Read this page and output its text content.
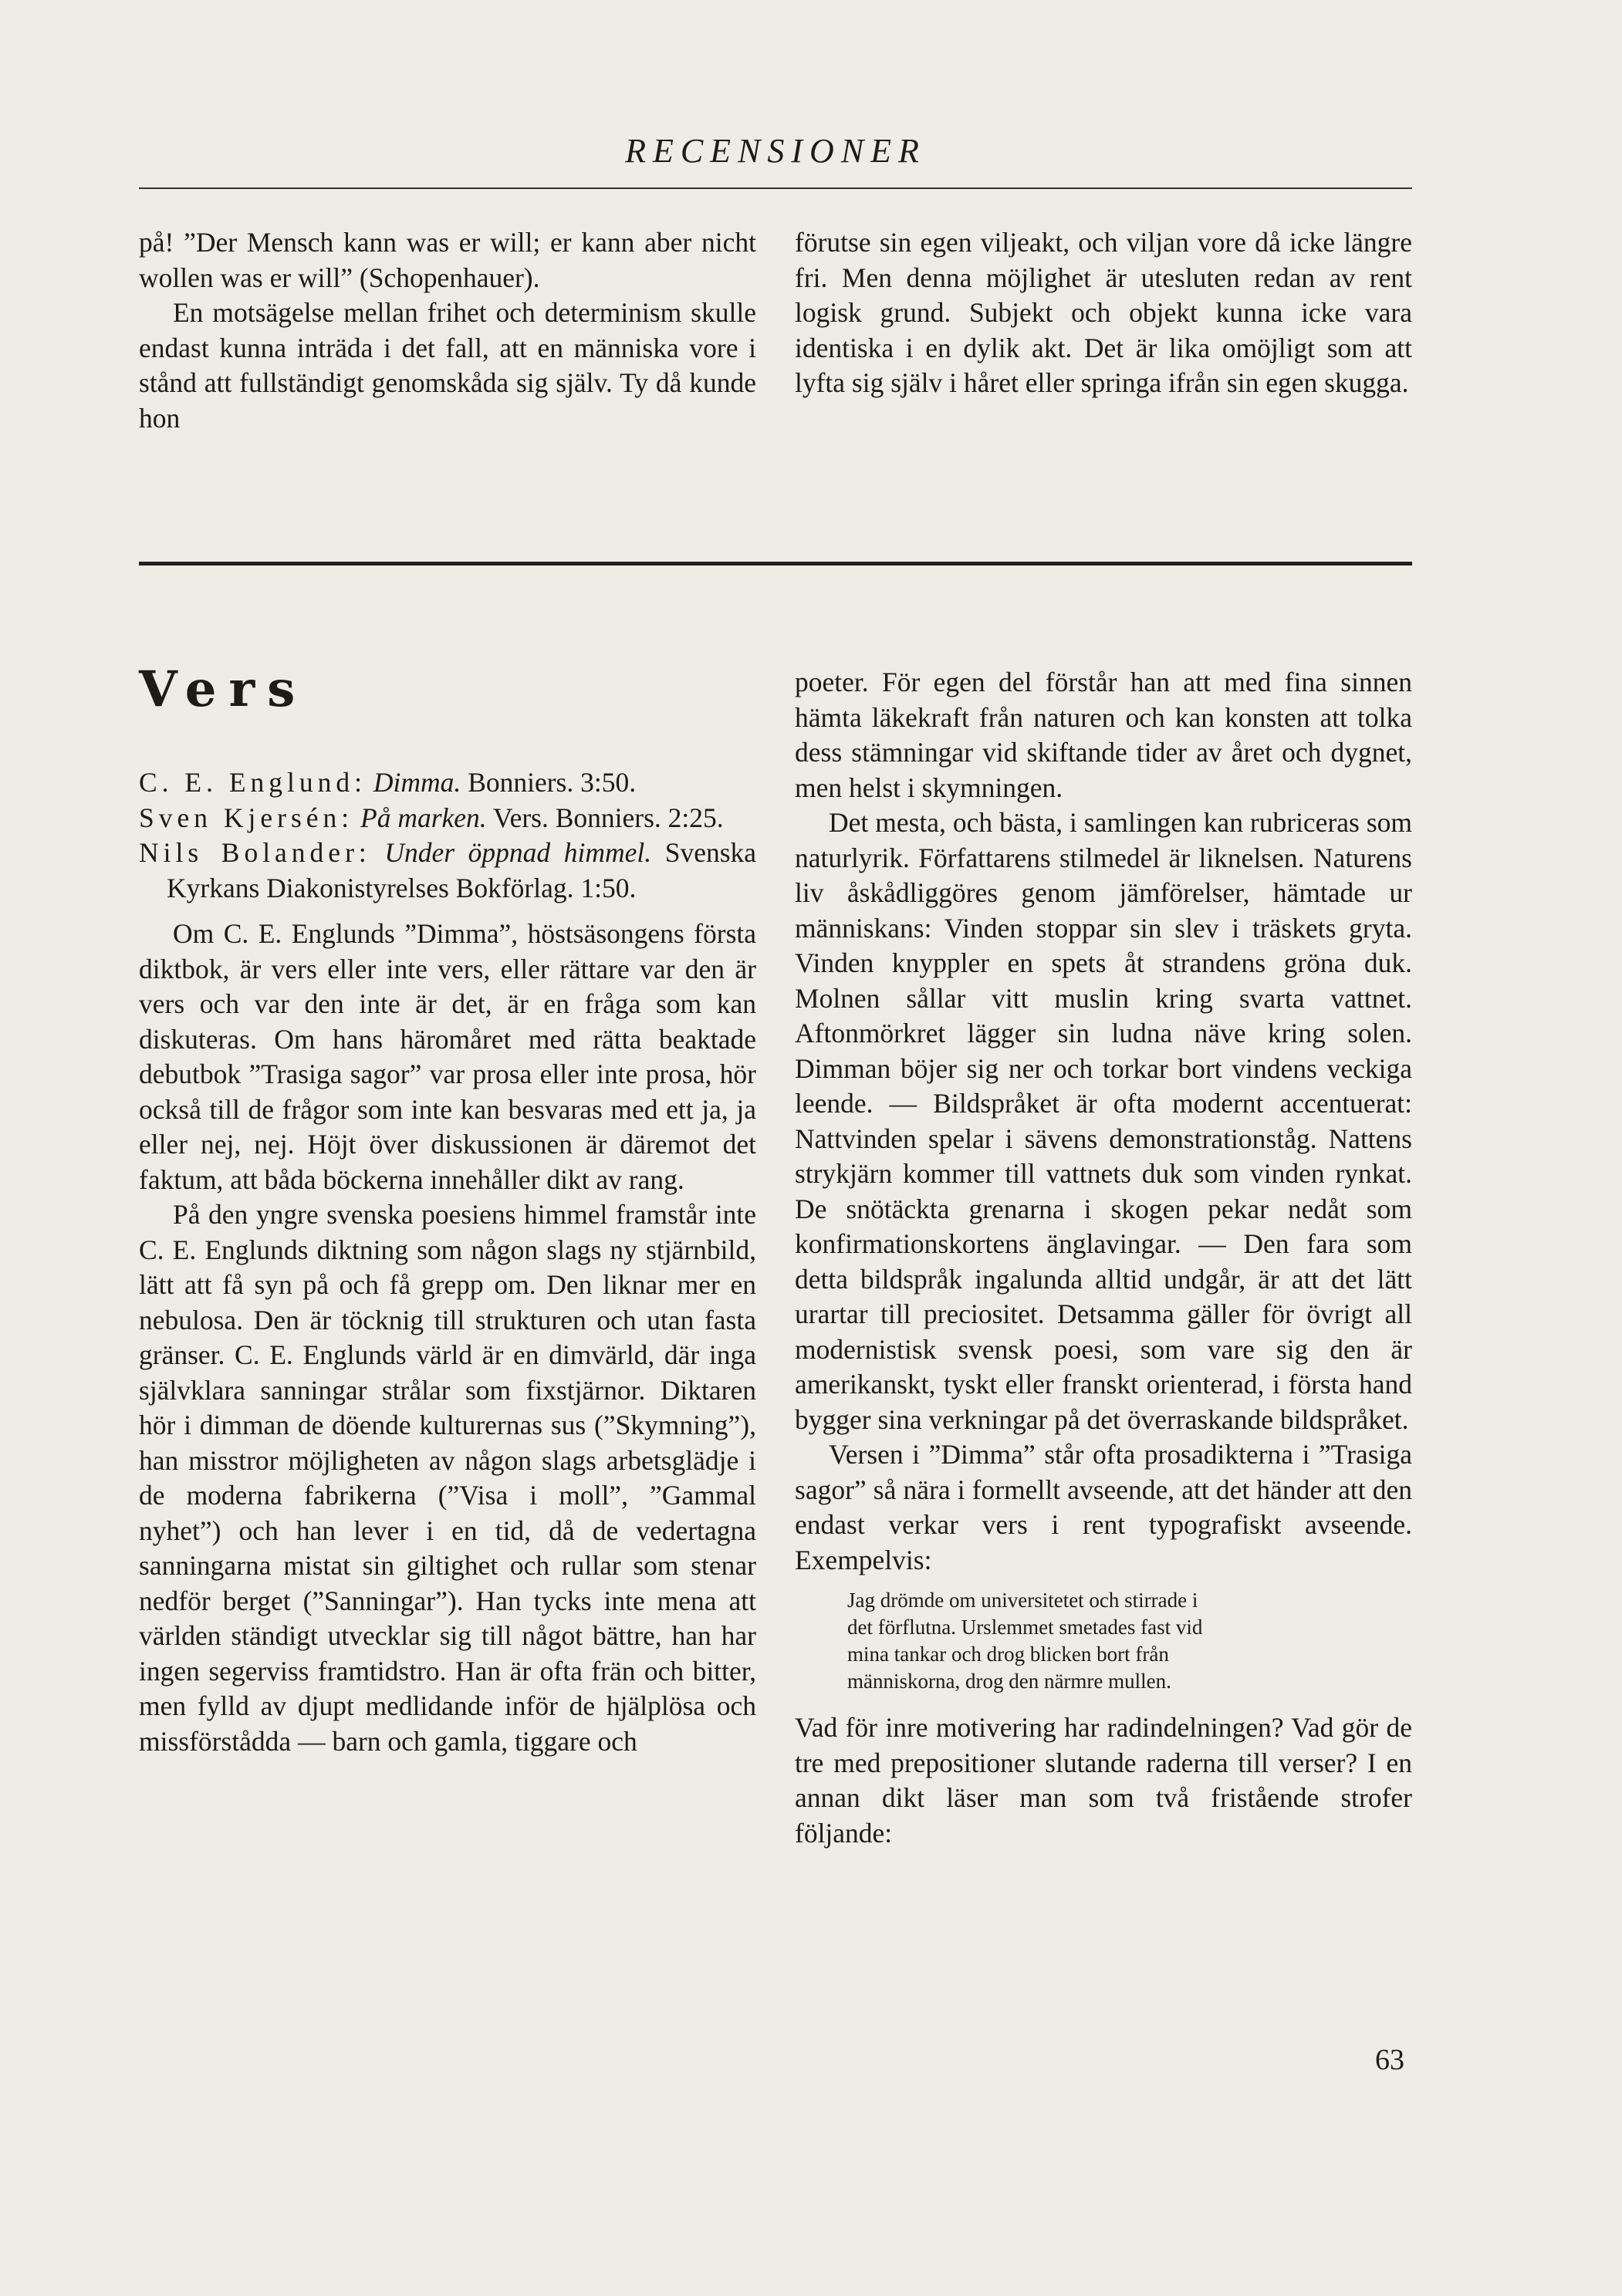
RECENSIONER

på! ”Der Mensch kann was er will; er kann aber nicht wollen was er will” (Schopenhauer).

En motsägelse mellan frihet och determinism skulle endast kunna inträda i det fall, att en människa vore i stånd att fullständigt genomskåda sig själv. Ty då kunde hon

förutse sin egen viljeakt, och viljan vore då icke längre fri. Men denna möjlighet är utesluten redan av rent logisk grund. Subjekt och objekt kunna icke vara identiska i en dylik akt. Det är lika omöjligt som att lyfta sig själv i håret eller springa ifrån sin egen skugga.

Vers

C. E. Englund: Dimma. Bonniers. 3:50.

Sven Kjersén: På marken. Vers. Bonniers. 2:25.

Nils Bolander: Under öppnad himmel. Svenska Kyrkans Diakonistyrelses Bokförlag. 1:50.

Om C. E. Englunds ”Dimma”, höstsäsongens första diktbok, är vers eller inte vers, eller rättare var den är vers och var den inte är det, är en fråga som kan diskuteras. Om hans häromåret med rätta beaktade debutbok ”Trasiga sagor” var prosa eller inte prosa, hör också till de frågor som inte kan besvaras med ett ja, ja eller nej, nej. Höjt över diskussionen är däremot det faktum, att båda böckerna innehåller dikt av rang.

På den yngre svenska poesiens himmel framstår inte C. E. Englunds diktning som någon slags ny stjärnbild, lätt att få syn på och få grepp om. Den liknar mer en nebulosa. Den är töcknig till strukturen och utan fasta gränser. C. E. Englunds värld är en dimvärld, där inga självklara sanningar strålar som fixstjärnor. Diktaren hör i dimman de döende kulturernas sus (”Skymning”), han misstror möjligheten av någon slags arbetsglädje i de moderna fabrikerna (”Visa i moll”, ”Gammal nyhet”) och han lever i en tid, då de vedertagna sanningarna mistat sin giltighet och rullar som stenar nedför berget (”Sanningar”). Han tycks inte mena att världen ständigt utvecklar sig till något bättre, han har ingen segerviss framtidstro. Han är ofta frän och bitter, men fylld av djupt medlidande inför de hjälplösa och missförstådda — barn och gamla, tiggare och

poeter. För egen del förstår han att med fina sinnen hämta läkekraft från naturen och kan konsten att tolka dess stämningar vid skiftande tider av året och dygnet, men helst i skymningen.

Det mesta, och bästa, i samlingen kan rubriceras som naturlyrik. Författarens stilmedel är liknelsen. Naturens liv åskådliggöres genom jämförelser, hämtade ur människans: Vinden stoppar sin slev i träskets gryta. Vinden knyppler en spets åt strandens gröna duk. Molnen sållar vitt muslin kring svarta vattnet. Aftonmörkret lägger sin ludna näve kring solen. Dimman böjer sig ner och torkar bort vindens veckiga leende. — Bildspråket är ofta modernt accentuerat: Nattvinden spelar i sävens demonstrationståg. Nattens strykjärn kommer till vattnets duk som vinden rynkat. De snötäckta grenarna i skogen pekar nedåt som konfirmationskortens änglavingar. — Den fara som detta bildspråk ingalunda alltid undgår, är att det lätt urartar till preciositet. Detsamma gäller för övrigt all modernistisk svensk poesi, som vare sig den är amerikanskt, tyskt eller franskt orienterad, i första hand bygger sina verkningar på det överraskande bildspråket.

Versen i ”Dimma” står ofta prosadikterna i ”Trasiga sagor” så nära i formellt avseende, att det händer att den endast verkar vers i rent typografiskt avseende. Exempelvis:

Jag drömde om universitetet och stirrade i
det förflutna. Urslemmet smetades fast vid
mina tankar och drog blicken bort från
människorna, drog den närmre mullen.

Vad för inre motivering har radindelningen? Vad gör de tre med prepositioner slutande raderna till verser? I en annan dikt läser man som två fristående strofer följande:

63
